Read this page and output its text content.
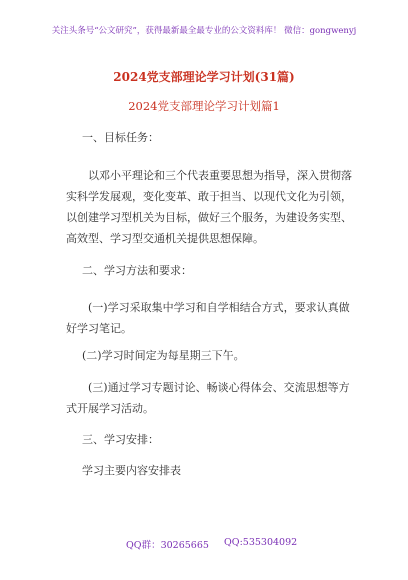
关注头条号“公文研究”，获得最新最全最专业的公文资料库！ 微信：gongwenyj
2024党支部理论学习计划(31篇)
2024党支部理论学习计划篇1
一、目标任务：
以邓小平理论和三个代表重要思想为指导，深入贯彻落实科学发展观，变化变革、敢于担当、以现代文化为引领，以创建学习型机关为目标，做好三个服务，为建设务实型、高效型、学习型交通机关提供思想保障。
二、学习方法和要求：
(一)学习采取集中学习和自学相结合方式，要求认真做好学习笔记。
(二)学习时间定为每星期三下午。
(三)通过学习专题讨论、畅谈心得体会、交流思想等方式开展学习活动。
三、学习安排：
学习主要内容安排表
QQ群：30265665 QQ:535304092
